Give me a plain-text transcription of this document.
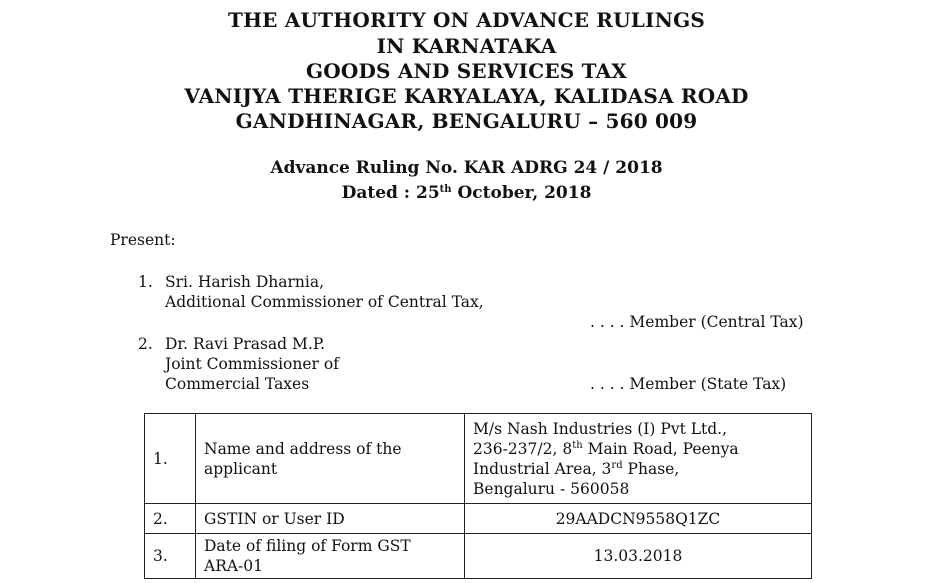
THE AUTHORITY ON ADVANCE RULINGS
IN KARNATAKA
GOODS AND SERVICES TAX
VANIJYA THERIGE KARYALAYA, KALIDASA ROAD
GANDHINAGAR, BENGALURU – 560 009
Advance Ruling No. KAR ADRG 24 / 2018
Dated : 25th October, 2018
Present:
1. Sri. Harish Dharnia,
Additional Commissioner of Central Tax,
. . . . Member (Central Tax)
2. Dr. Ravi Prasad M.P.
Joint Commissioner of
Commercial Taxes	. . . . Member (State Tax)
1.	Name and address of the applicant	M/s Nash Industries (I) Pvt Ltd.,
236-237/2, 8th Main Road, Peenya
Industrial Area, 3rd Phase,
Bengaluru - 560058

2.	GSTIN or User ID	29AADCN9558Q1ZC
3.	Date of filing of Form GST
ARA-01	13.03.2018
